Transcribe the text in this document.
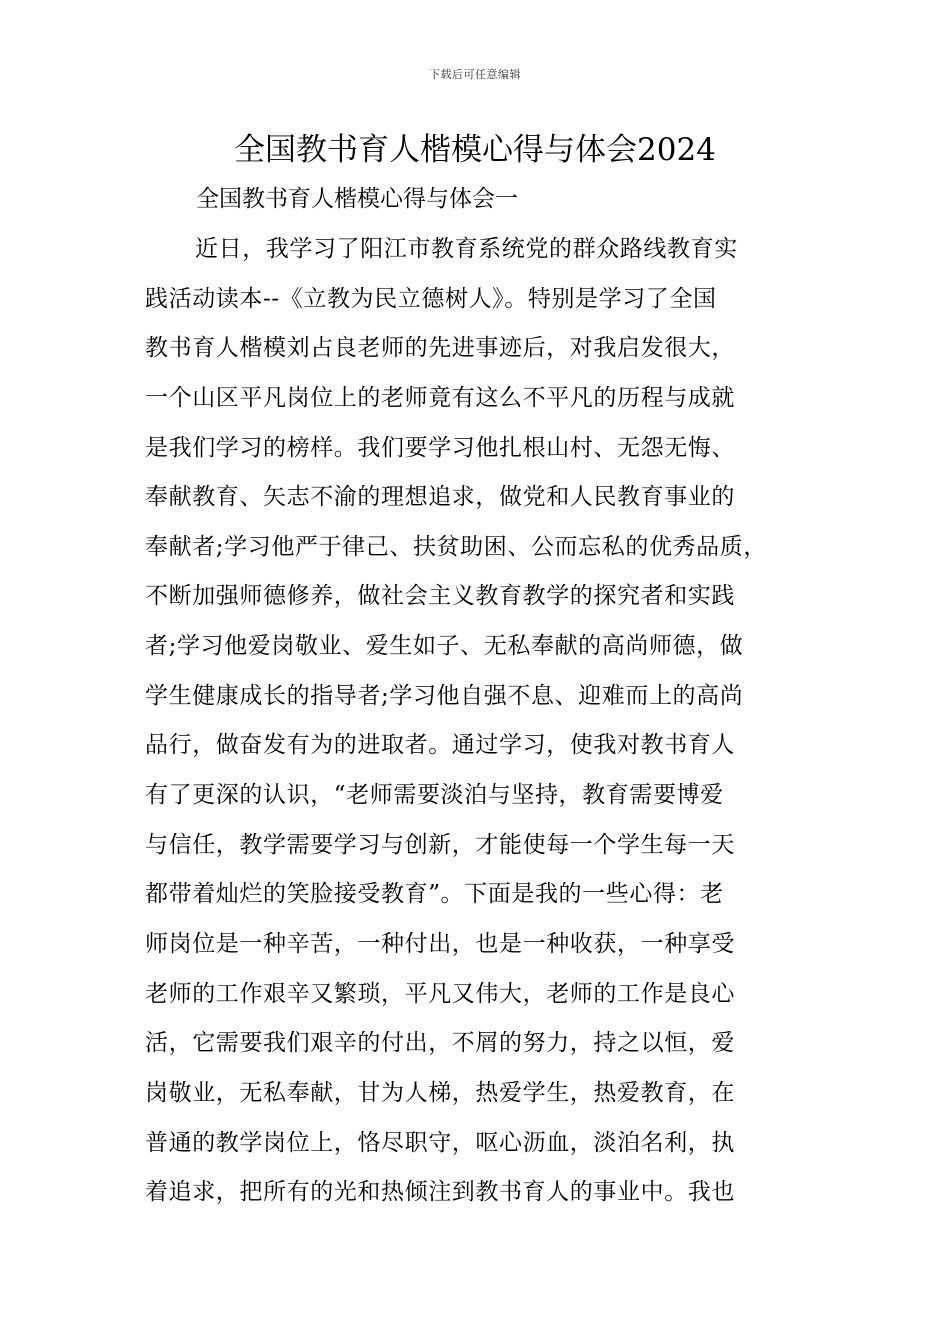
下载后可任意编辑
全国教书育人楷模心得与体会2024
全国教书育人楷模心得与体会一
近日，我学习了阳江市教育系统党的群众路线教育实
践活动读本--《立教为民立德树人》。特别是学习了全国
教书育人楷模刘占良老师的先进事迹后，对我启发很大，
一个山区平凡岗位上的老师竟有这么不平凡的历程与成就
是我们学习的榜样。我们要学习他扎根山村、无怨无悔、
奉献教育、矢志不渝的理想追求，做党和人民教育事业的
奉献者;学习他严于律己、扶贫助困、公而忘私的优秀品质，
不断加强师德修养，做社会主义教育教学的探究者和实践
者;学习他爱岗敬业、爱生如子、无私奉献的高尚师德，做
学生健康成长的指导者;学习他自强不息、迎难而上的高尚
品行，做奋发有为的进取者。通过学习，使我对教书育人
有了更深的认识，“老师需要淡泊与坚持，教育需要博爱
与信任，教学需要学习与创新，才能使每一个学生每一天
都带着灿烂的笑脸接受教育”。下面是我的一些心得：老
师岗位是一种辛苦，一种付出，也是一种收获，一种享受
老师的工作艰辛又繁琐，平凡又伟大，老师的工作是良心
活，它需要我们艰辛的付出，不屑的努力，持之以恒，爱
岗敬业，无私奉献，甘为人梯，热爱学生，热爱教育，在
普通的教学岗位上，恪尽职守，呕心沥血，淡泊名利，执
着追求，把所有的光和热倾注到教书育人的事业中。我也
